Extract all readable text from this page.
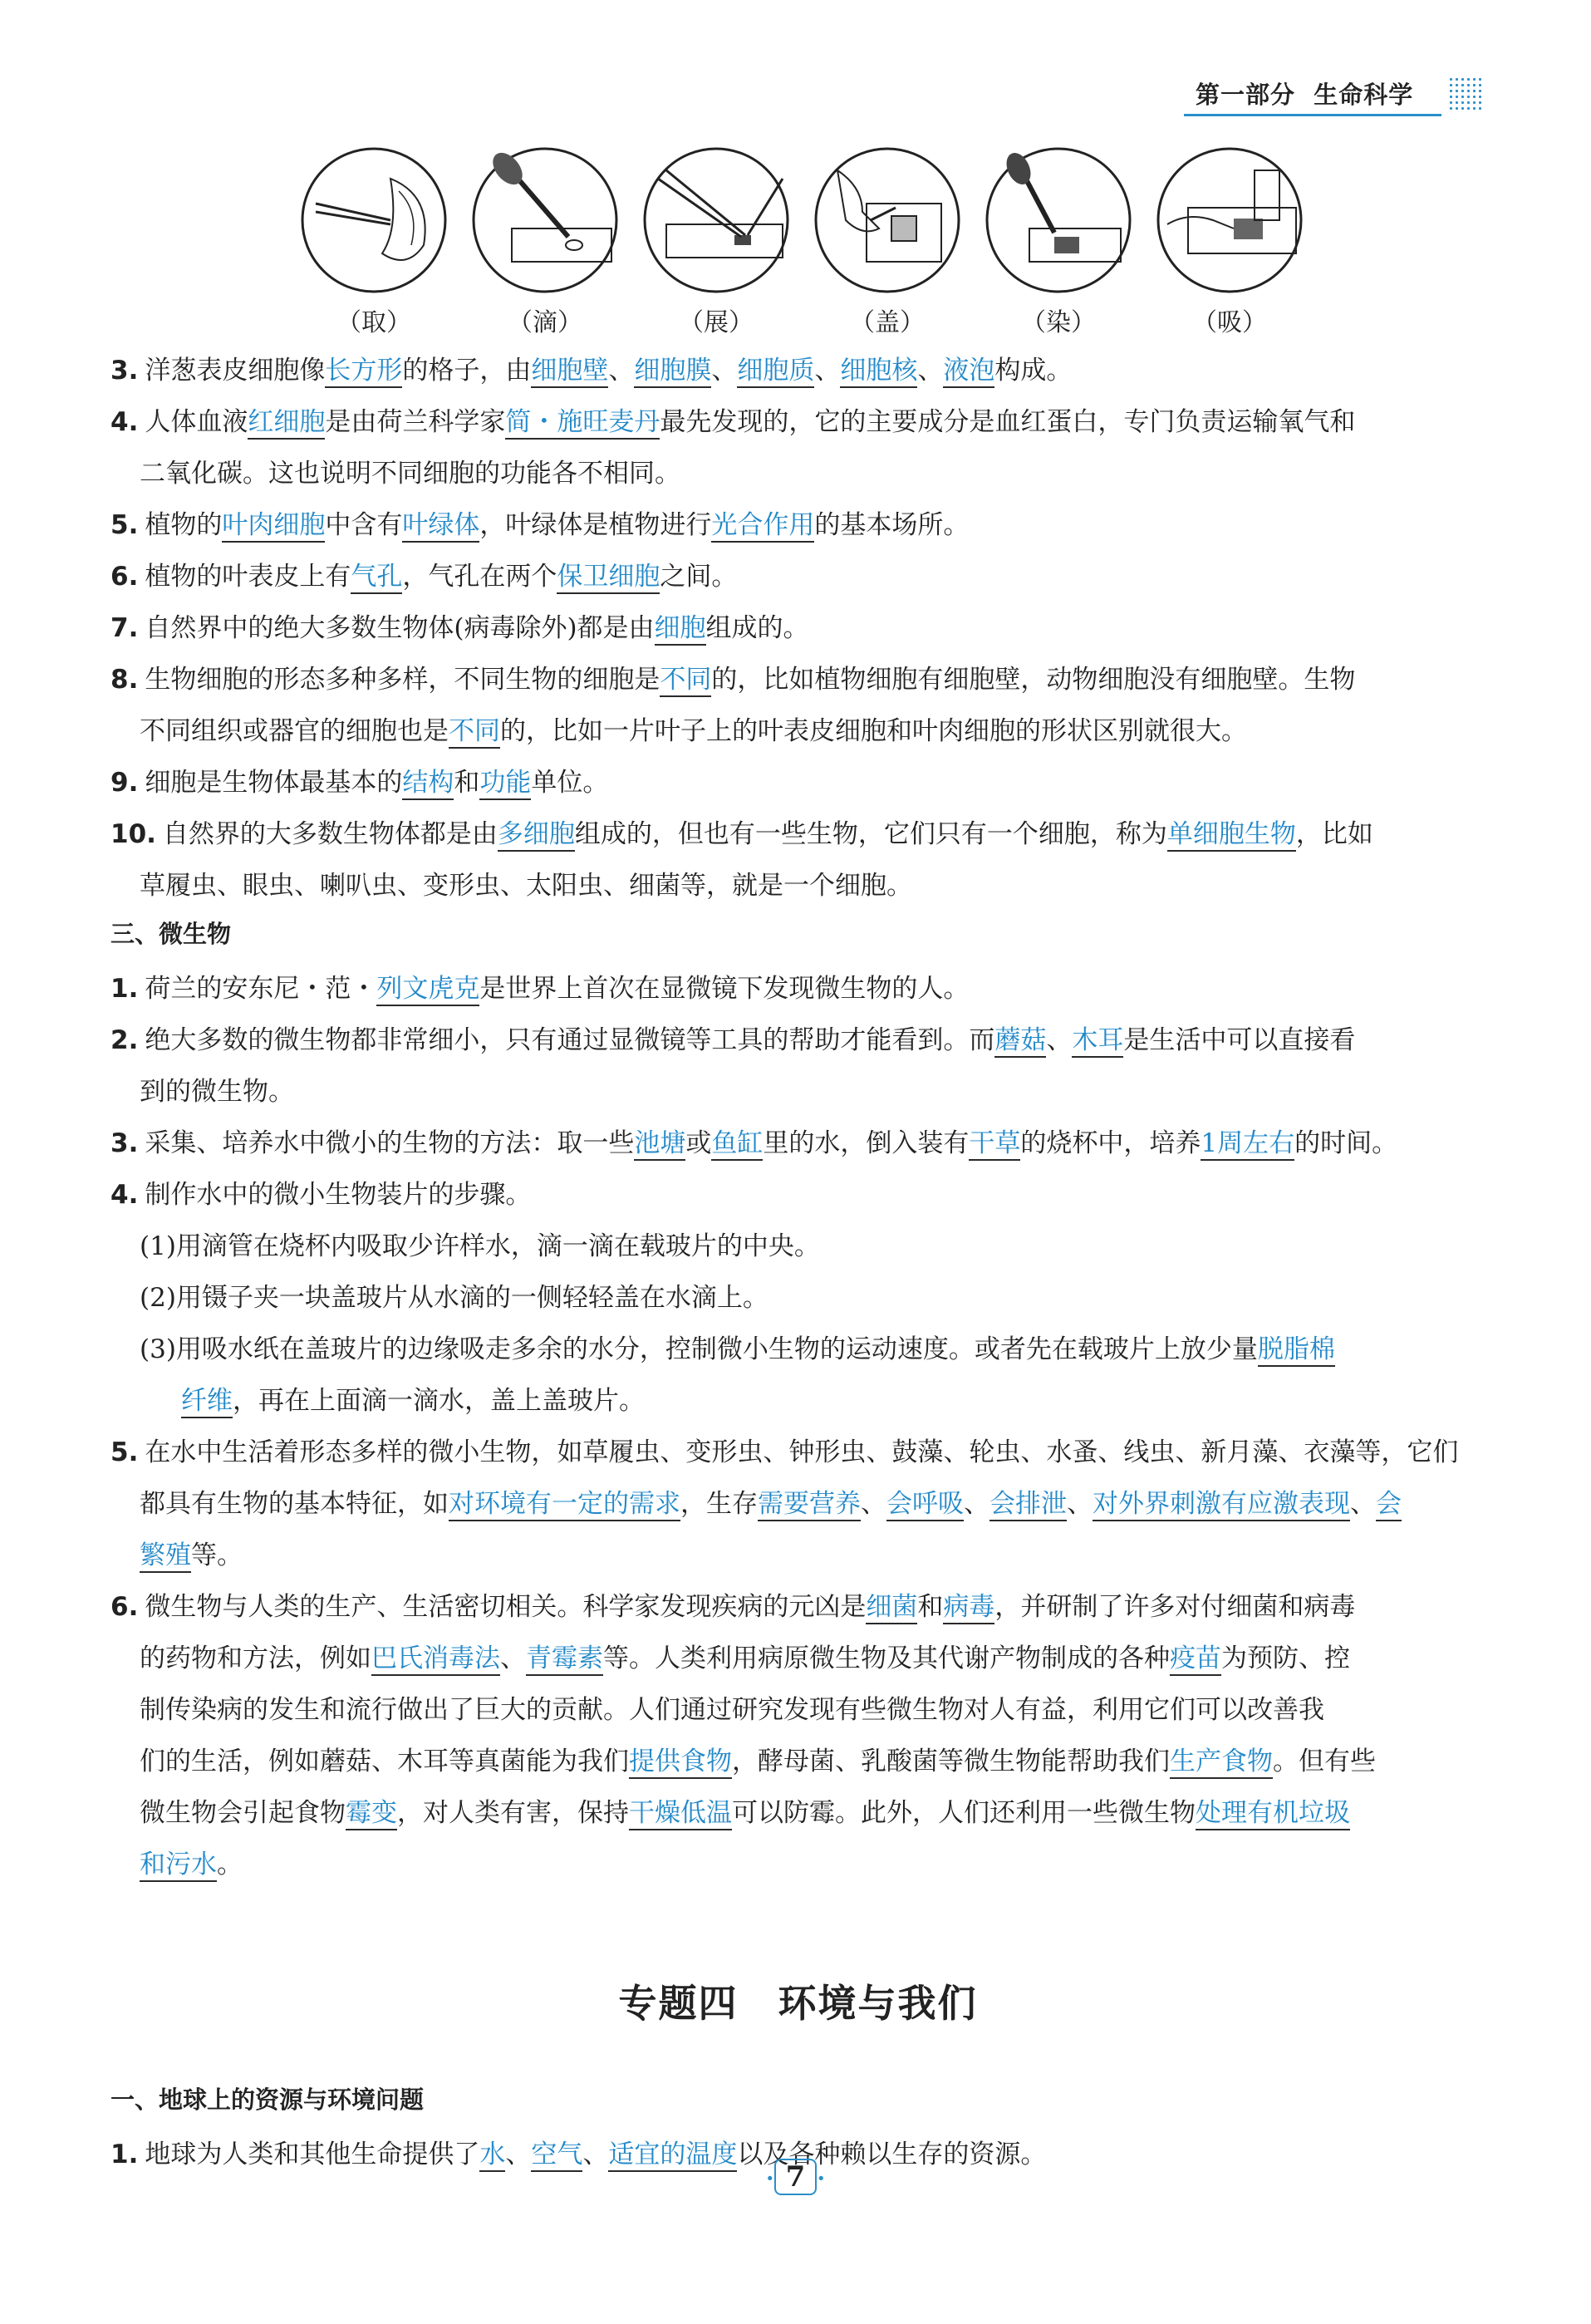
第一部分 生命科学
（取）	（滴）	（展）	（盖）	（染）	（吸）
专题四　环境与我们
3. 洋葱表皮细胞像长方形的格子，由细胞壁、细胞膜、细胞质、细胞核、液泡构成。
4. 人体血液红细胞是由荷兰科学家简・施旺麦丹最先发现的，它的主要成分是血红蛋白，专门负责运输氧气和
二氧化碳。这也说明不同细胞的功能各不相同。
5. 植物的叶肉细胞中含有叶绿体，叶绿体是植物进行光合作用的基本场所。
6. 植物的叶表皮上有气孔，气孔在两个保卫细胞之间。
7. 自然界中的绝大多数生物体(病毒除外)都是由细胞组成的。
8. 生物细胞的形态多种多样，不同生物的细胞是不同的，比如植物细胞有细胞壁，动物细胞没有细胞壁。生物
不同组织或器官的细胞也是不同的，比如一片叶子上的叶表皮细胞和叶肉细胞的形状区别就很大。
9. 细胞是生物体最基本的结构和功能单位。
10. 自然界的大多数生物体都是由多细胞组成的，但也有一些生物，它们只有一个细胞，称为单细胞生物，比如
草履虫、眼虫、喇叭虫、变形虫、太阳虫、细菌等，就是一个细胞。
三、微生物
1. 荷兰的安东尼・范・列文虎克是世界上首次在显微镜下发现微生物的人。
2. 绝大多数的微生物都非常细小，只有通过显微镜等工具的帮助才能看到。而蘑菇、木耳是生活中可以直接看
到的微生物。
3. 采集、培养水中微小的生物的方法：取一些池塘或鱼缸里的水，倒入装有干草的烧杯中，培养1周左右的时间。
4. 制作水中的微小生物装片的步骤。
(1)用滴管在烧杯内吸取少许样水，滴一滴在载玻片的中央。
(2)用镊子夹一块盖玻片从水滴的一侧轻轻盖在水滴上。
(3)用吸水纸在盖玻片的边缘吸走多余的水分，控制微小生物的运动速度。或者先在载玻片上放少量脱脂棉
纤维，再在上面滴一滴水，盖上盖玻片。
5. 在水中生活着形态多样的微小生物，如草履虫、变形虫、钟形虫、鼓藻、轮虫、水蚤、线虫、新月藻、衣藻等，它们
都具有生物的基本特征，如对环境有一定的需求，生存需要营养、会呼吸、会排泄、对外界刺激有应激表现、会
繁殖等。
6. 微生物与人类的生产、生活密切相关。科学家发现疾病的元凶是细菌和病毒，并研制了许多对付细菌和病毒
的药物和方法，例如巴氏消毒法、青霉素等。人类利用病原微生物及其代谢产物制成的各种疫苗为预防、控
制传染病的发生和流行做出了巨大的贡献。人们通过研究发现有些微生物对人有益，利用它们可以改善我
们的生活，例如蘑菇、木耳等真菌能为我们提供食物，酵母菌、乳酸菌等微生物能帮助我们生产食物。但有些
微生物会引起食物霉变，对人类有害，保持干燥低温可以防霉。此外，人们还利用一些微生物处理有机垃圾
和污水。
一、地球上的资源与环境问题
1. 地球为人类和其他生命提供了水、空气、适宜的温度以及各种赖以生存的资源。
· 7 ·
